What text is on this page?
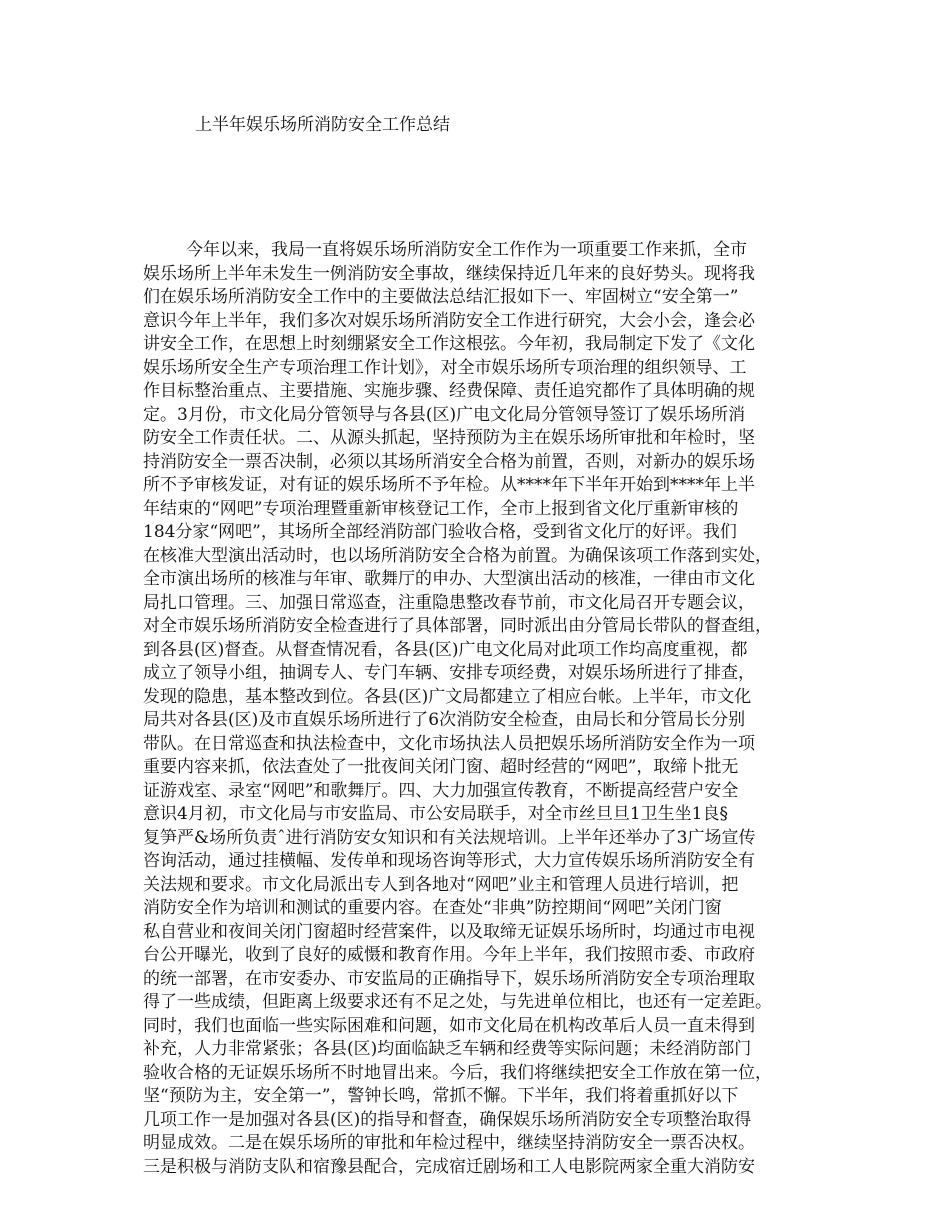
上半年娱乐场所消防安全工作总结
今年以来，我局一直将娱乐场所消防安全工作作为一项重要工作来抓，全市
娱乐场所上半年未发生一例消防安全事故，继续保持近几年来的良好势头。现将我
们在娱乐场所消防安全工作中的主要做法总结汇报如下一、牢固树立“安全第一”
意识今年上半年，我们多次对娱乐场所消防安全工作进行研究，大会小会，逢会必
讲安全工作，在思想上时刻绷紧安全工作这根弦。今年初，我局制定下发了《文化
娱乐场所安全生产专项治理工作计划》，对全市娱乐场所专项治理的组织领导、工
作目标整治重点、主要措施、实施步骤、经费保障、责任追究都作了具体明确的规
定。3月份，市文化局分管领导与各县(区)广电文化局分管领导签订了娱乐场所消
防安全工作责任状。二、从源头抓起，坚持预防为主在娱乐场所审批和年检时，坚
持消防安全一票否决制，必须以其场所消安全合格为前置，否则，对新办的娱乐场
所不予审核发证，对有证的娱乐场所不予年检。从****年下半年开始到****年上半
年结束的“网吧”专项治理暨重新审核登记工作，全市上报到省文化厅重新审核的
184分家“网吧”，其场所全部经消防部门验收合格，受到省文化厅的好评。我们
在核准大型演出活动时，也以场所消防安全合格为前置。为确保该项工作落到实处，
全市演出场所的核准与年审、歌舞厅的申办、大型演出活动的核准，一律由市文化
局扎口管理。三、加强日常巡查，注重隐患整改春节前，市文化局召开专题会议，
对全市娱乐场所消防安全检查进行了具体部署，同时派出由分管局长带队的督查组，
到各县(区)督查。从督查情况看，各县(区)广电文化局对此项工作均高度重视，都
成立了领导小组，抽调专人、专门车辆、安排专项经费，对娱乐场所进行了排查，
发现的隐患，基本整改到位。各县(区)广文局都建立了相应台帐。上半年，市文化
局共对各县(区)及市直娱乐场所进行了6次消防安全检查，由局长和分管局长分别
带队。在日常巡查和执法检查中，文化市场执法人员把娱乐场所消防安全作为一项
重要内容来抓，依法查处了一批夜间关闭门窗、超时经营的“网吧”，取缔卜批无
证游戏室、录室“网吧”和歌舞厅。四、大力加强宣传教育，不断提高经营户安全
意识4月初，市文化局与市安监局、市公安局联手，对全市丝旦旦1卫生坐1良§
复笋严&场所负责ˆ进行消防安女知识和有关法规培训。上半年还举办了3广场宣传
咨询活动，通过挂横幅、发传单和现场咨询等形式，大力宣传娱乐场所消防安全有
关法规和要求。市文化局派出专人到各地对“网吧”业主和管理人员进行培训，把
消防安全作为培训和测试的重要内容。在查处“非典”防控期间“网吧”关闭门窗
私自营业和夜间关闭门窗超时经营案件，以及取缔无证娱乐场所时，均通过市电视
台公开曝光，收到了良好的威慑和教育作用。今年上半年，我们按照市委、市政府
的统一部署，在市安委办、市安监局的正确指导下，娱乐场所消防安全专项治理取
得了一些成绩，但距离上级要求还有不足之处，与先进单位相比，也还有一定差距。
同时，我们也面临一些实际困难和问题，如市文化局在机构改革后人员一直未得到
补充，人力非常紧张；各县(区)均面临缺乏车辆和经费等实际问题；未经消防部门
验收合格的无证娱乐场所不时地冒出来。今后，我们将继续把安全工作放在第一位，
坚“预防为主，安全第一”，警钟长鸣，常抓不懈。下半年，我们将着重抓好以下
几项工作一是加强对各县(区)的指导和督查，确保娱乐场所消防安全专项整治取得
明显成效。二是在娱乐场所的审批和年检过程中，继续坚持消防安全一票否决权。
三是积极与消防支队和宿豫县配合，完成宿迁剧场和工人电影院两家全重大消防安
